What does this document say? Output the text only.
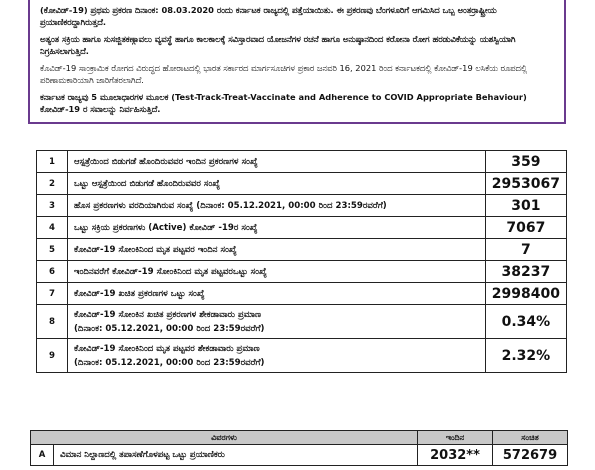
(ಕೋವಿಡ್-19) ಪ್ರಥಮ ಪ್ರಕರಣ ದಿನಾಂಕ: 08.03.2020 ರಂದು ಕರ್ನಾಟಕ ರಾಜ್ಯದಲ್ಲಿ ಪತ್ತೆಯಾಯಿತು. ಈ ಪ್ರಕರಣವು ಬೆಂಗಳೂರಿಗೆ ಆಗಮಿಸಿದ ಒಬ್ಬ ಅಂತರ್ರಾಷ್ಟ್ರೀಯ ಪ್ರಯಾಣಿಕರದ್ದಾಗಿರುತ್ತದೆ.

ಅತ್ಯಂತ ಸಕ್ರಿಯ ಹಾಗೂ ಸುಸಜ್ಜಿತಕಣ್ಗಾವಲು ವ್ಯವಸ್ಥೆ ಹಾಗೂ ಕಾಲಕಾಲಕ್ಕೆ ಸವಿಸ್ತಾರವಾದ ಯೋಜನೆಗಳ ರಚನೆ ಹಾಗೂ ಅನುಷ್ಠಾನದಿಂದ ಕರೋನಾ ರೋಗ ಹರಡುವಿಕೆಯನ್ನು ಯಶಸ್ವಿಯಾಗಿ ನಿಗ್ರಹಿಸಲಾಗುತ್ತಿದೆ.

ಕೊವಿಡ್-19 ಸಾಂಕ್ರಾಮಿಕ ರೋಗದ ವಿರುದ್ಧದ ಹೋರಾಟದಲ್ಲಿ ಭಾರತ ಸರ್ಕಾರದ ಮಾರ್ಗಸೂಚಿಗಳ ಪ್ರಕಾರ ಜನವರಿ 16, 2021 ರಿಂದ ಕರ್ನಾಟಕದಲ್ಲಿ ಕೋವಿಡ್-19 ಲಸಿಕೆಯ ರೂಪದಲ್ಲಿ ಪರಿಣಾಮಕಾರಿಯಾಗಿ ಜಾರಿಗೆತರಲಾಗಿದೆ.

ಕರ್ನಾಟಕ ರಾಜ್ಯವು 5 ಮೂಲಾಧಾರಗಳ ಮೂಲಕ (Test-Track-Treat-Vaccinate and Adherence to COVID Appropriate Behaviour) ಕೋವಿಡ್-19 ರ ಸವಾಲನ್ನು ನಿರ್ವಹಿಸುತ್ತಿದೆ.

1	ಆಸ್ಪತ್ರೆಯಿಂದ ಬಿಡುಗಡೆ ಹೊಂದಿರುವವರ ಇಂದಿನ ಪ್ರಕರಣಗಳ ಸಂಖ್ಯೆ	359
2	ಒಟ್ಟು ಆಸ್ಪತ್ರೆಯಿಂದ ಬಿಡುಗಡೆ ಹೊಂದಿರುವವರ ಸಂಖ್ಯೆ	2953067
3	ಹೊಸ ಪ್ರಕರಣಗಳು ವರದಿಯಾಗಿರುವ ಸಂಖ್ಯೆ (ದಿನಾಂಕ: 05.12.2021, 00:00 ರಿಂದ 23:59ರವರೆಗೆ)	301
4	ಒಟ್ಟು ಸಕ್ರಿಯ ಪ್ರಕರಣಗಳು (Active) ಕೋವಿಡ್ -19ರ ಸಂಖ್ಯೆ	7067
5	ಕೋವಿಡ್-19 ಸೋಂಕಿನಿಂದ ಮೃತ ಪಟ್ಟವರ ಇಂದಿನ ಸಂಖ್ಯೆ	7
6	ಇಂದಿನವರೆಗೆ ಕೋವಿಡ್-19 ಸೋಂಕಿನಿಂದ ಮೃತ ಪಟ್ಟವರಒಟ್ಟು ಸಂಖ್ಯೆ	38237
7	ಕೋವಿಡ್-19 ಖಚಿತ ಪ್ರಕರಣಗಳ ಒಟ್ಟು ಸಂಖ್ಯೆ	2998400
8	ಕೋವಿಡ್-19 ಸೋಂಕಿನ ಖಚಿತ ಪ್ರಕರಣಗಳ ಶೇಕಡಾವಾರು ಪ್ರಮಾಣ
(ದಿನಾಂಕ: 05.12.2021, 00:00 ರಿಂದ 23:59ರವರೆಗೆ)	0.34%
9	ಕೋವಿಡ್-19 ಸೋಂಕಿನಿಂದ ಮೃತ ಪಟ್ಟವರ ಶೇಕಡಾವಾರು ಪ್ರಮಾಣ
(ದಿನಾಂಕ: 05.12.2021, 00:00 ರಿಂದ 23:59ರವರೆಗೆ)	2.32%
ವಿವರಗಳು		ಇಂದಿನ	ಸಂಚಿತ
A	ವಿಮಾನ ನಿಲ್ದಾಣದಲ್ಲಿ ತಪಾಸಣೆಗೊಳಪಟ್ಟ ಒಟ್ಟು ಪ್ರಯಾಣಿಕರು	2032**	572679
